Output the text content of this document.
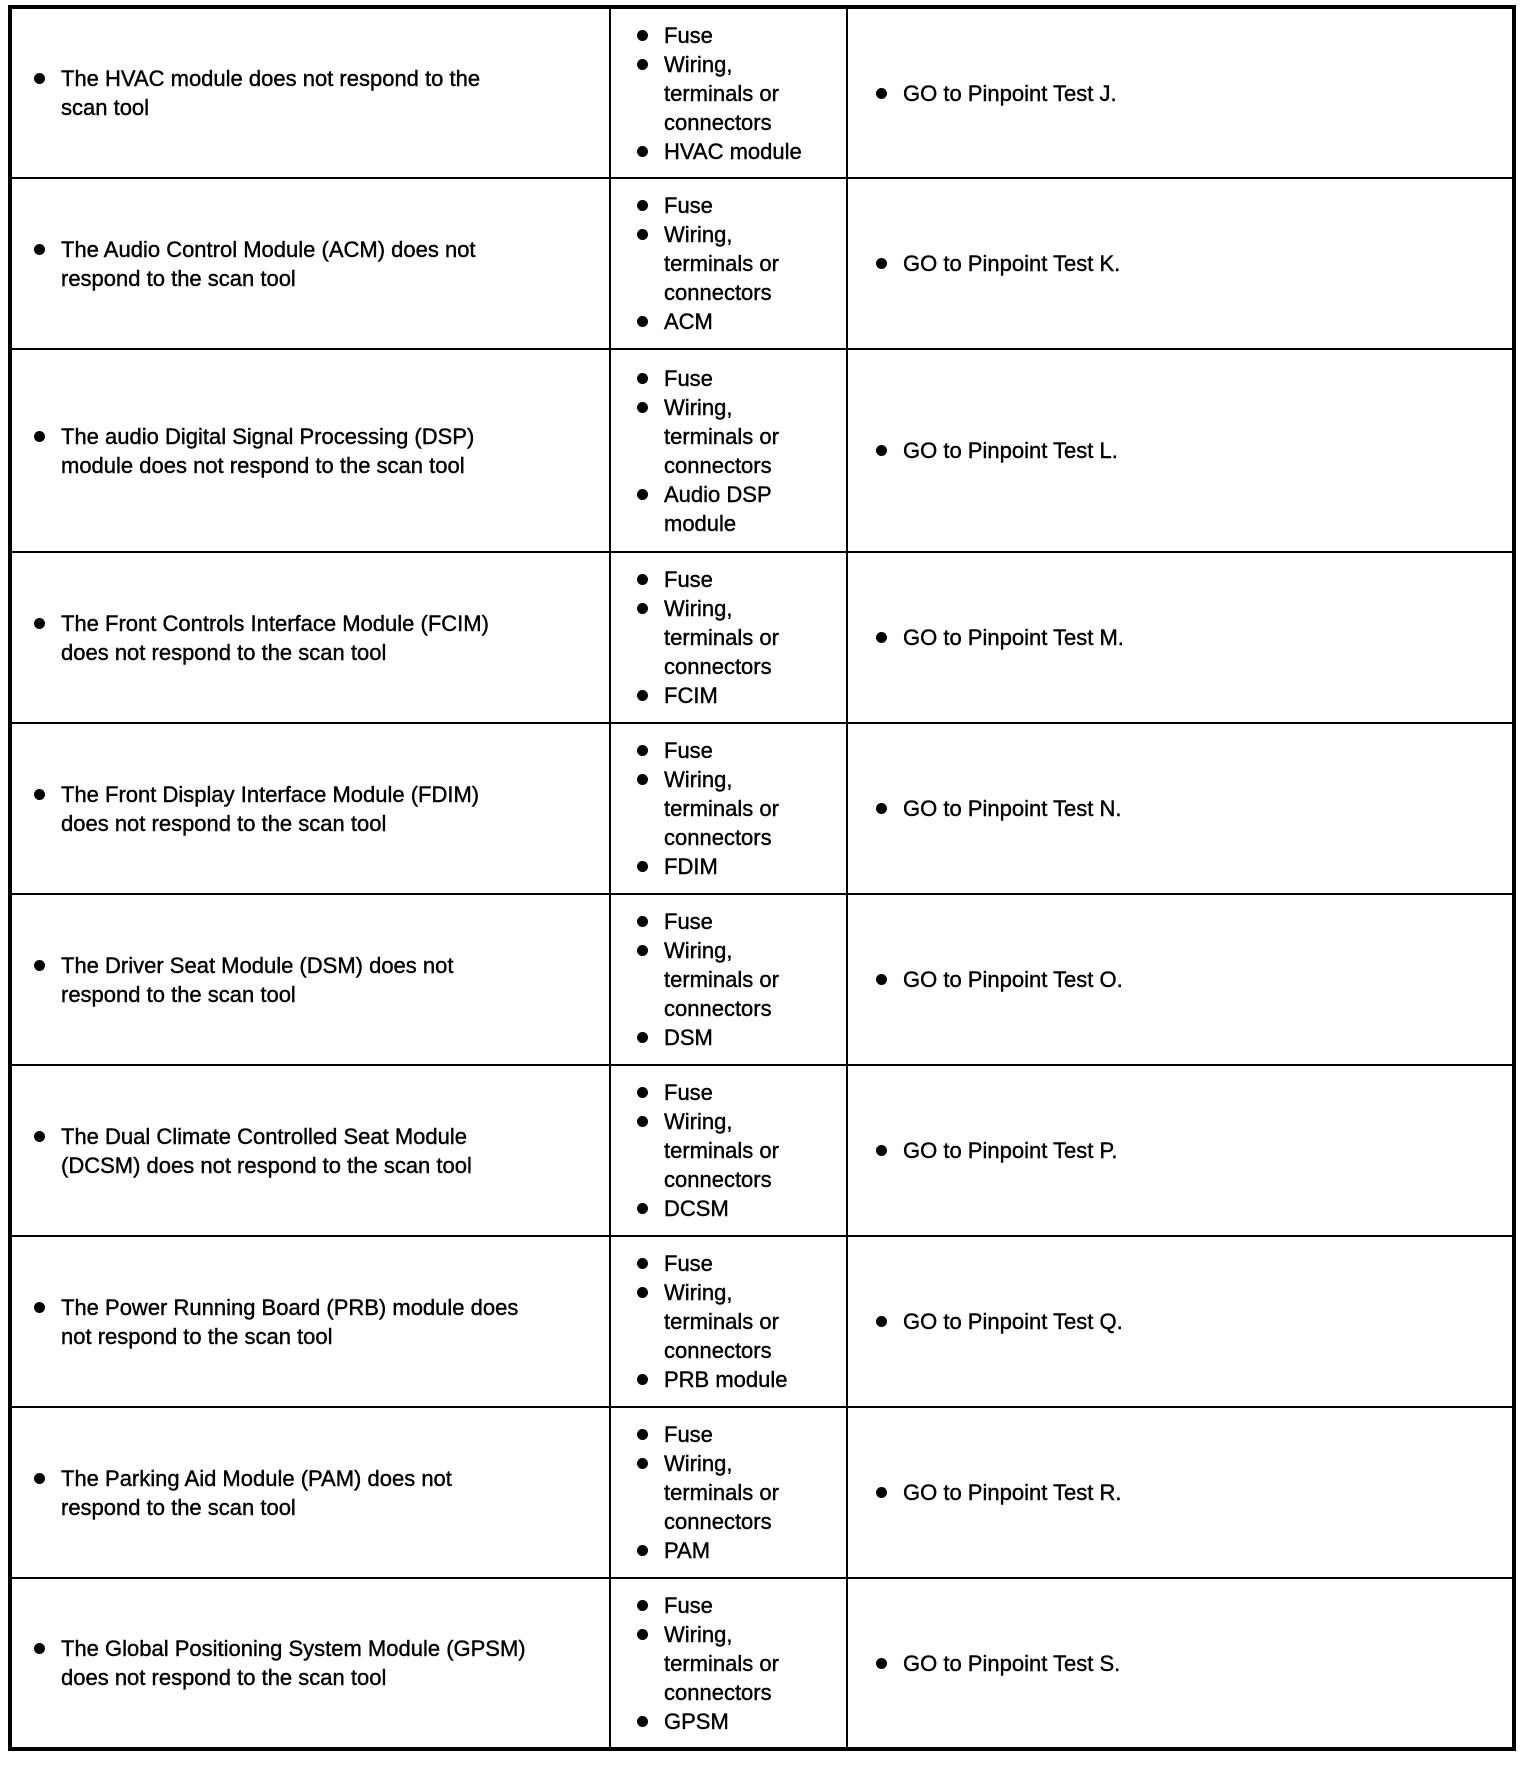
The HVAC module does not respond to the scan tool	Fuse
Wiring, terminals or connectors
HVAC module	GO to Pinpoint Test J.

The Audio Control Module (ACM) does not respond to the scan tool	Fuse
Wiring, terminals or connectors
ACM	GO to Pinpoint Test K.

The audio Digital Signal Processing (DSP) module does not respond to the scan tool	Fuse
Wiring, terminals or connectors
Audio DSP module	GO to Pinpoint Test L.

The Front Controls Interface Module (FCIM) does not respond to the scan tool	Fuse
Wiring, terminals or connectors
FCIM	GO to Pinpoint Test M.

The Front Display Interface Module (FDIM) does not respond to the scan tool	Fuse
Wiring, terminals or connectors
FDIM	GO to Pinpoint Test N.

The Driver Seat Module (DSM) does not respond to the scan tool	Fuse
Wiring, terminals or connectors
DSM	GO to Pinpoint Test O.

The Dual Climate Controlled Seat Module (DCSM) does not respond to the scan tool	Fuse
Wiring, terminals or connectors
DCSM	GO to Pinpoint Test P.

The Power Running Board (PRB) module does not respond to the scan tool	Fuse
Wiring, terminals or connectors
PRB module	GO to Pinpoint Test Q.

The Parking Aid Module (PAM) does not respond to the scan tool	Fuse
Wiring, terminals or connectors
PAM	GO to Pinpoint Test R.

The Global Positioning System Module (GPSM) does not respond to the scan tool	Fuse
Wiring, terminals or connectors
GPSM	GO to Pinpoint Test S.
